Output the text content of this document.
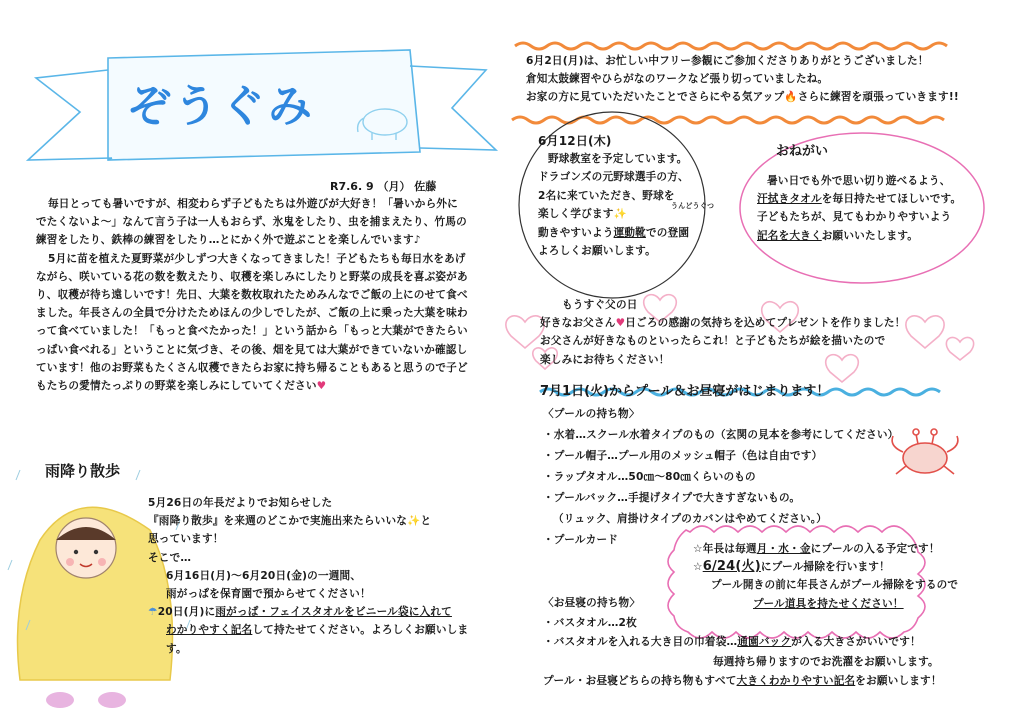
ぞうぐみ
R7.6. 9 （月） 佐藤

毎日とっても暑いですが、相変わらず子どもたちは外遊びが大好き！「暑いから外にでたくないよ～」なんて言う子は一人もおらず、氷鬼をしたり、虫を捕まえたり、竹馬の練習をしたり、鉄棒の練習をしたり…とにかく外で遊ぶことを楽しんでいます♪

5月に苗を植えた夏野菜が少しずつ大きくなってきました！子どもたちも毎日水をあげながら、咲いている花の数を数えたり、収穫を楽しみにしたりと野菜の成長を喜ぶ姿があり、収穫が待ち遠しいです！先日、大葉を数枚取れたためみんなでご飯の上にのせて食べました。年長さんの全員で分けたためほんの少しでしたが、ご飯の上に乗った大葉を味わって食べていました！「もっと食べたかった！」という話から「もっと大葉ができたらいっぱい食べれる」ということに気づき、その後、畑を見ては大葉ができていないか確認しています！他のお野菜もたくさん収穫できたらお家に持ち帰ることもあると思うので子どもたちの愛情たっぷりの野菜を楽しみにしていてください♥

雨降り散歩

5月26日の年長だよりでお知らせした

『雨降り散歩』を来週のどこかで実施出来たらいいな✨と

思っています！

そこで…

6月16日(月)～6月20日(金)の一週間、

雨がっぱを保育園で預からせてください！

☂20日(月)に雨がっぱ・フェイスタオルをビニール袋に入れて

わかりやすく記名して持たせてください。よろしくお願いします。

6月2日(月)は、お忙しい中フリー参観にご参加くださりありがとうございました！

倉知太鼓練習やひらがなのワークなど張り切っていましたね。

お家の方に見ていただいたことでさらにやる気アップ🔥さらに練習を頑張っていきます!!

6月12日(木)

野球教室を予定しています。

ドラゴンズの元野球選手の方、

2名に来ていただき、野球を

楽しく学びます✨$^{うんどうぐつ}$

動きやすいよう運動靴での登園

よろしくお願いします。

おねがい

暑い日でも外で思い切り遊べるよう、

汗拭きタオルを毎日持たせてほしいです。

子どもたちが、見てもわかりやすいよう

記名を大きくお願いいたします。

もうすぐ父の日

好きなお父さん♥日ごろの感謝の気持ちを込めてプレゼントを作りました！

お父さんが好きなものといったらこれ！と子どもたちが絵を描いたので

楽しみにお待ちください！

7月1日(火)からプール＆お昼寝がはじまります！

〈プールの持ち物〉

・水着…スクール水着タイプのもの（玄関の見本を参考にしてください）

・プール帽子…プール用のメッシュ帽子（色は自由です）

・ラップタオル…50㎝～80㎝くらいのもの

・プールバック…手提げタイプで大きすぎないもの。

（リュック、肩掛けタイプのカバンはやめてください。）

・プールカード

☆年長は毎週月・水・金にプールの入る予定です！

☆6/24(火)にプール掃除を行います！

プール開きの前に年長さんがプール掃除をするので

プール道具を持たせください！

〈お昼寝の持ち物〉

・バスタオル…2枚

・バスタオルを入れる大き目の巾着袋…通園バックが入る大きさがいいです！

毎週持ち帰りますのでお洗濯をお願いします。

プール・お昼寝どちらの持ち物もすべて大きくわかりやすい記名をお願いします！
